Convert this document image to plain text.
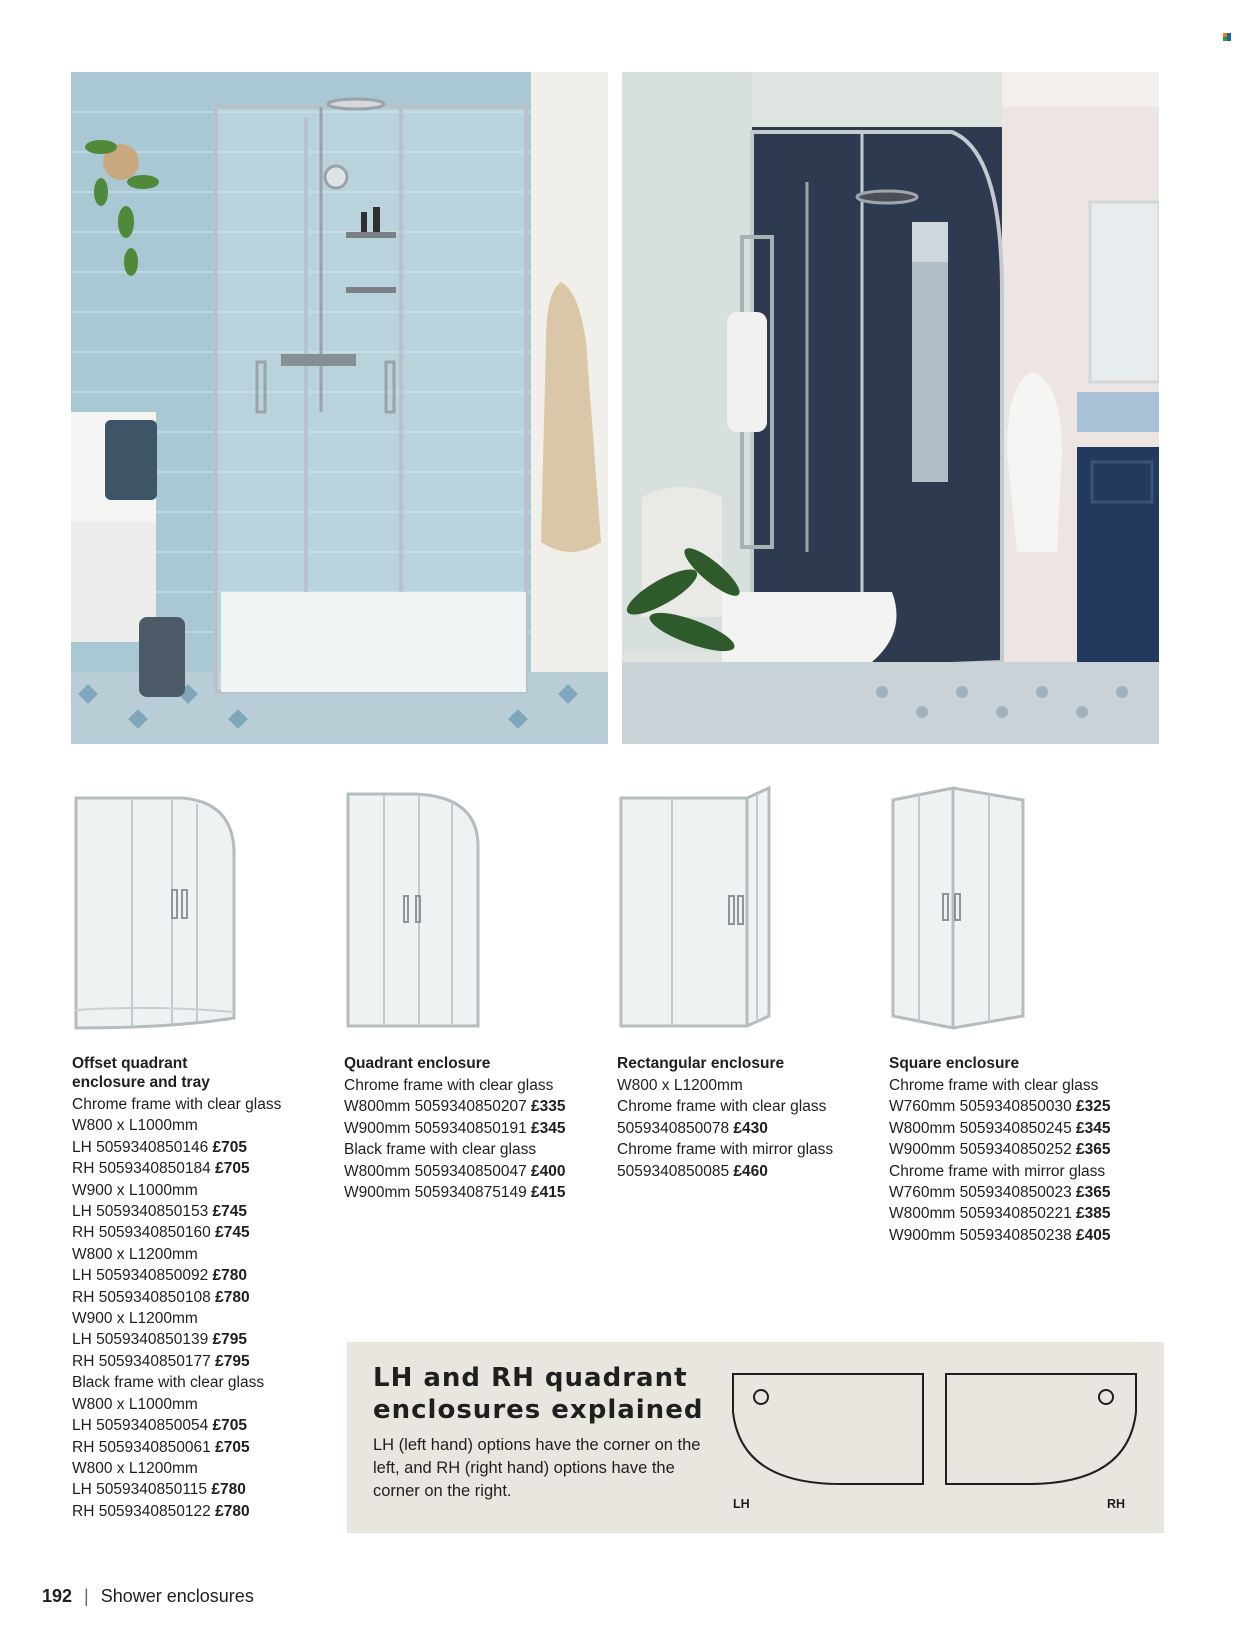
Offset quadrant
enclosure and tray
Chrome frame with clear glass
W800 x L1000mm
LH 5059340850146 £705
RH 5059340850184 £705
W900 x L1000mm
LH 5059340850153 £745
RH 5059340850160 £745
W800 x L1200mm
LH 5059340850092 £780
RH 5059340850108 £780
W900 x L1200mm
LH 5059340850139 £795
RH 5059340850177 £795
Black frame with clear glass
W800 x L1000mm
LH 5059340850054 £705
RH 5059340850061 £705
W800 x L1200mm
LH 5059340850115 £780
RH 5059340850122 £780
Quadrant enclosure
Chrome frame with clear glass
W800mm 5059340850207 £335
W900mm 5059340850191 £345
Black frame with clear glass
W800mm 5059340850047 £400
W900mm 5059340875149 £415
Rectangular enclosure
W800 x L1200mm
Chrome frame with clear glass
5059340850078 £430
Chrome frame with mirror glass
5059340850085 £460
Square enclosure
Chrome frame with clear glass
W760mm 5059340850030 £325
W800mm 5059340850245 £345
W900mm 5059340850252 £365
Chrome frame with mirror glass
W760mm 5059340850023 £365
W800mm 5059340850221 £385
W900mm 5059340850238 £405
LH and RH quadrant enclosures explained
LH (left hand) options have the corner on the left, and RH (right hand) options have the corner on the right.
LH	RH
192 | Shower enclosures
